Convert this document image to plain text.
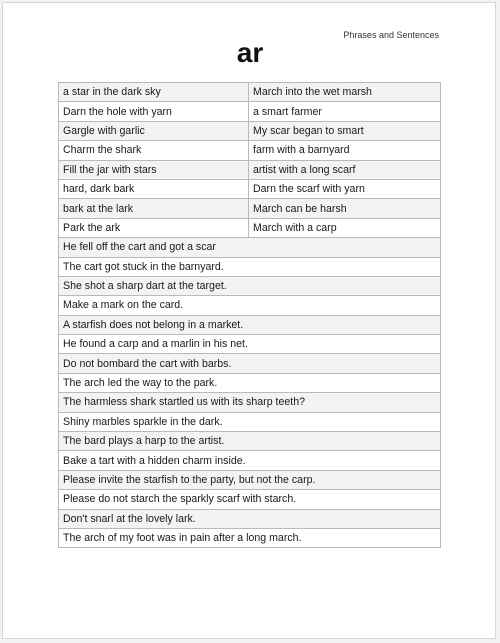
Phrases and Sentences
ar
a star in the dark sky	March into the wet marsh
Darn the hole with yarn	a smart farmer
Gargle with garlic	My scar began to smart
Charm the shark	farm with a barnyard
Fill the jar with stars	artist with a long scarf
hard, dark bark	Darn the scarf with yarn
bark at the lark	March can be harsh
Park the ark	March with a carp
He fell off the cart and got a scar	
The cart got stuck in the barnyard.	
She shot a sharp dart at the target.	
Make a mark on the card.	
A starfish does not belong in a market.	
He found a carp and a marlin in his net.	
Do not bombard the cart with barbs.	
The arch led the way to the park.	
The harmless shark startled us with its sharp teeth?	
Shiny marbles sparkle in the dark.	
The bard plays a harp to the artist.	
Bake a tart with a hidden charm inside.	
Please invite the starfish to the party, but not the carp.	
Please do not starch the sparkly scarf with starch.	
Don't snarl at the lovely lark.	
The arch of my foot was in pain after a long march.	
